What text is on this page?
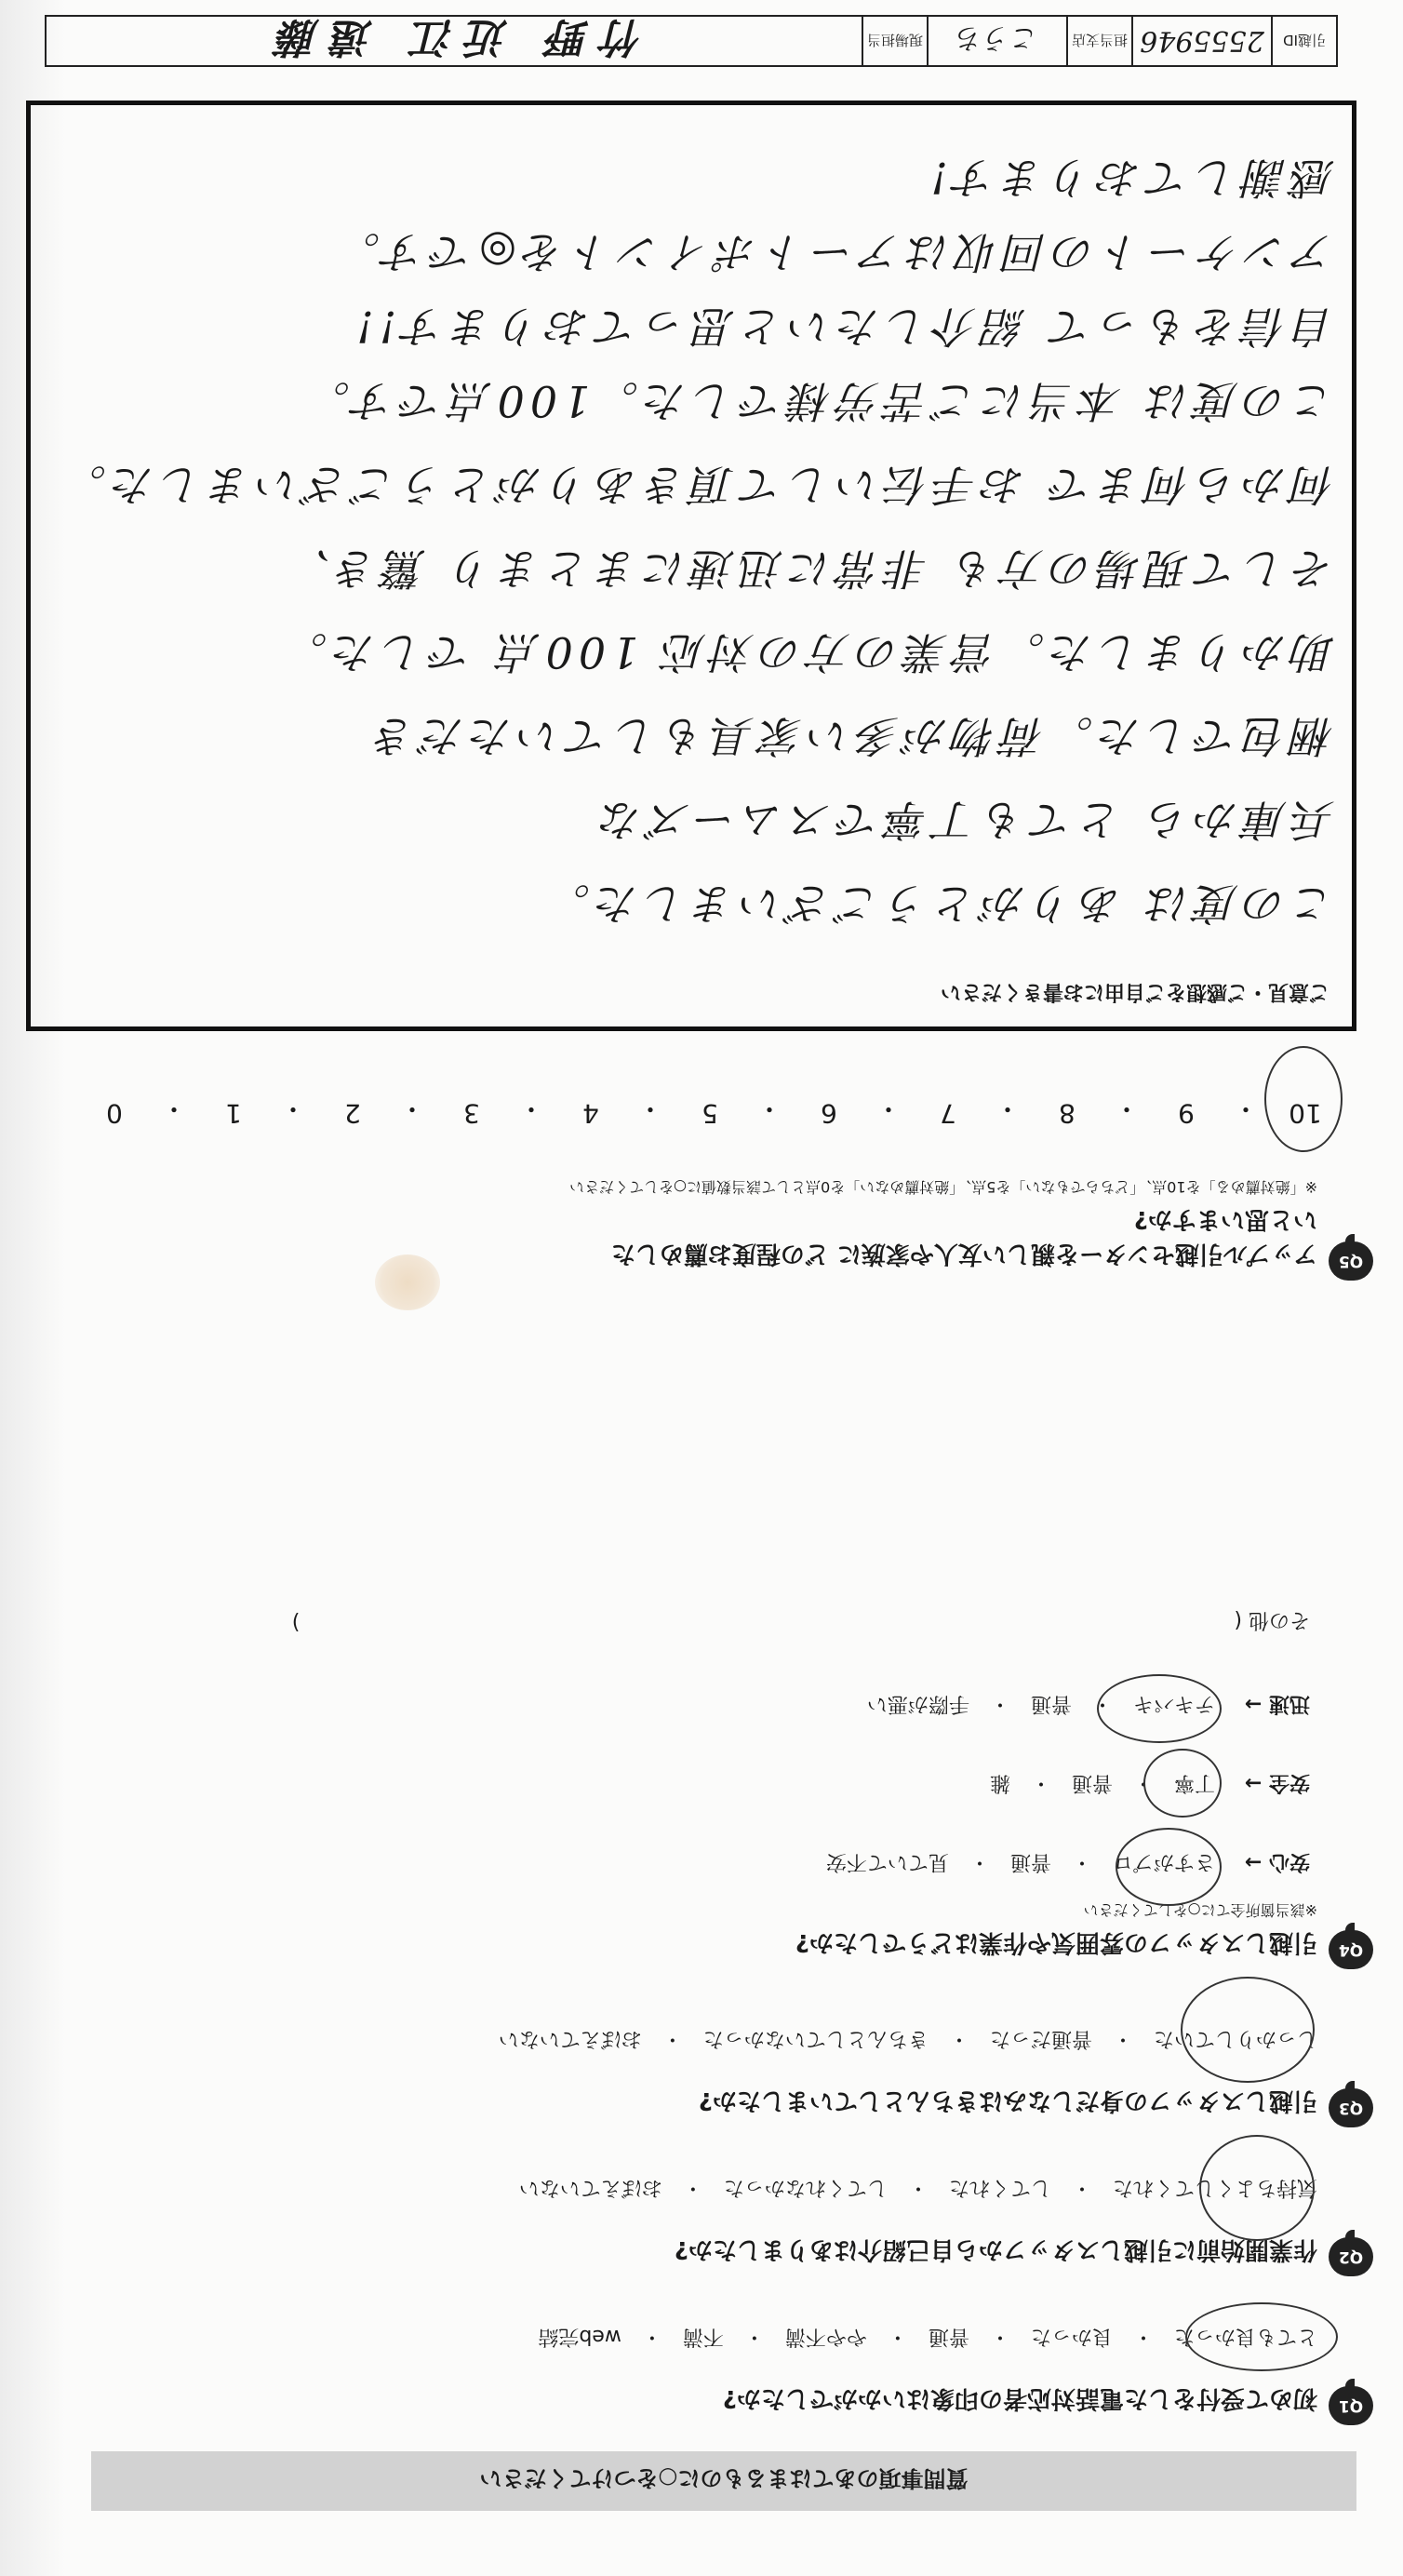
質問事項のあてはまるものに○をつけてください
Q1
初めて受付をした電話対応者の印象はいかがでしたか?
とても良かった
・
良かった
・
普通
・
やや不満
・
不満
・
web完結
Q2
作業開始前に引越しスタッフから自己紹介はありましたか?
気持ちよくしてくれた
・
してくれた
・
してくれなかった
・
おぼえていない
Q3
引越しスタッフの身だしなみはきちんとしていましたか?
しっかりしていた
・
普通だった
・
きちんとしていなかった
・
おぼえていない
Q4
引越しスタッフの雰囲気や作業はどうでしたか?
※該当箇所全てに○をしてください
安心 →
さすがプロ
・
普通
・
見ていて不安
安全 →
丁寧
・
普通
・
雑
迅速 →
テキパキ
・
普通
・
手際が悪い
その他 (
)
Q5
アップル引越センターを親しい友人や家族に どの程度お薦めしたいと思いますか?
※「絶対薦める」を10点、「どちらでもない」を5点、「絶対薦めない」を0点として該当数値に○をしてください
10
・
9
・
8
・
7
・
6
・
5
・
4
・
3
・
2
・
1
・
0
ご意見・ご感想をご自由にお書きください
この度は ありがとうございました。
兵庫から とても丁寧でスムーズな
梱包でした。荷物が多い家具もしていただき
助かりました。営業の方の対応 100点 でした。
そして現場の方も 非常に迅速にまとまり 驚き、
何から何まで お手伝いして頂きありがとうございました。
この度は 本当にご苦労様でした。100点です。
自信をもって 紹介したいと思っております!!
アンケートの回収はアートポイントを◎です。
感謝しております!
引越ID
2555946
担当支店
こうち
現場担当
竹野 近江 遠藤
